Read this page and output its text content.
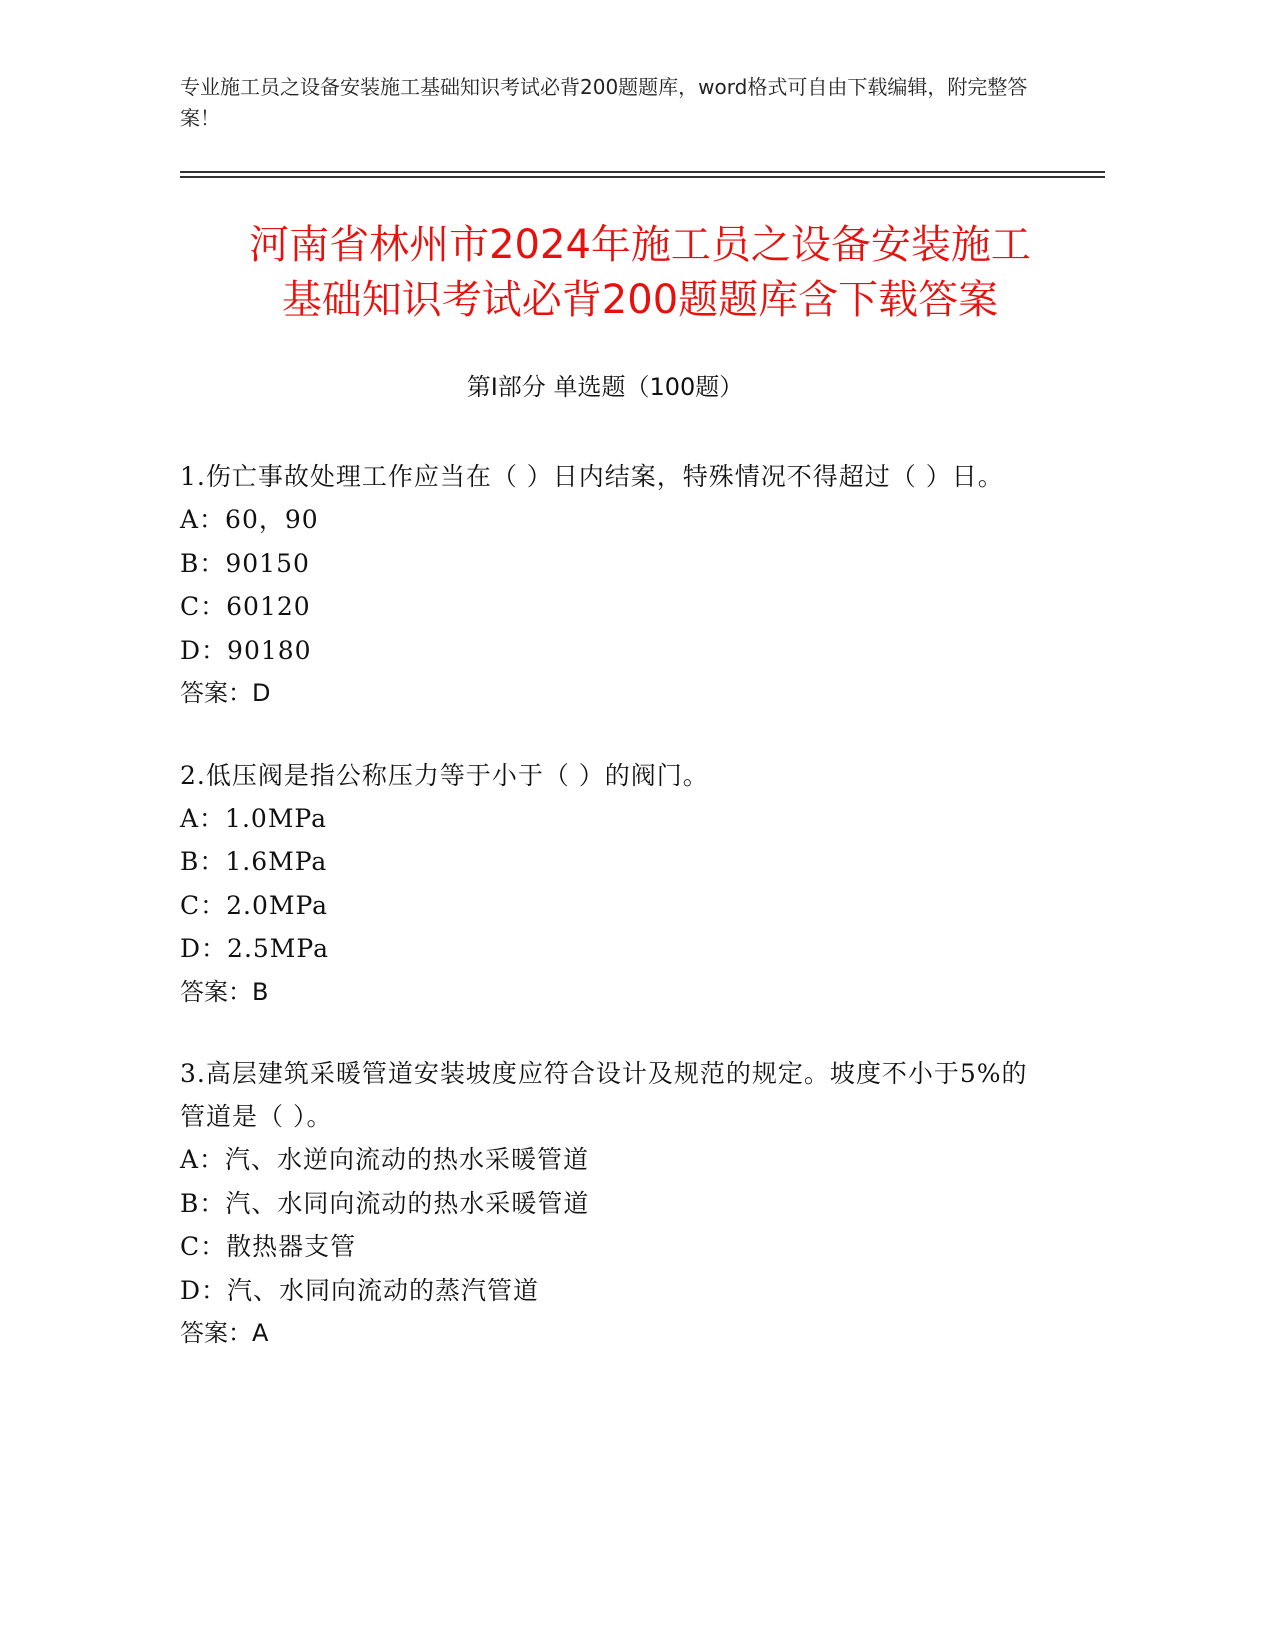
专业施工员之设备安装施工基础知识考试必背200题题库，word格式可自由下载编辑，附完整答案！
河南省林州市2024年施工员之设备安装施工
基础知识考试必背200题题库含下载答案
第Ⅰ部分 单选题（100题）
1.伤亡事故处理工作应当在（ ）日内结案，特殊情况不得超过（ ）日。
A：60，90
B：90150
C：60120
D：90180
答案：D
2.低压阀是指公称压力等于小于（ ）的阀门。
A：1.0MPa
B：1.6MPa
C：2.0MPa
D：2.5MPa
答案：B
3.高层建筑采暖管道安装坡度应符合设计及规范的规定。坡度不小于5%的管道是（ ）。
A：汽、水逆向流动的热水采暖管道
B：汽、水同向流动的热水采暖管道
C：散热器支管
D：汽、水同向流动的蒸汽管道
答案：A
